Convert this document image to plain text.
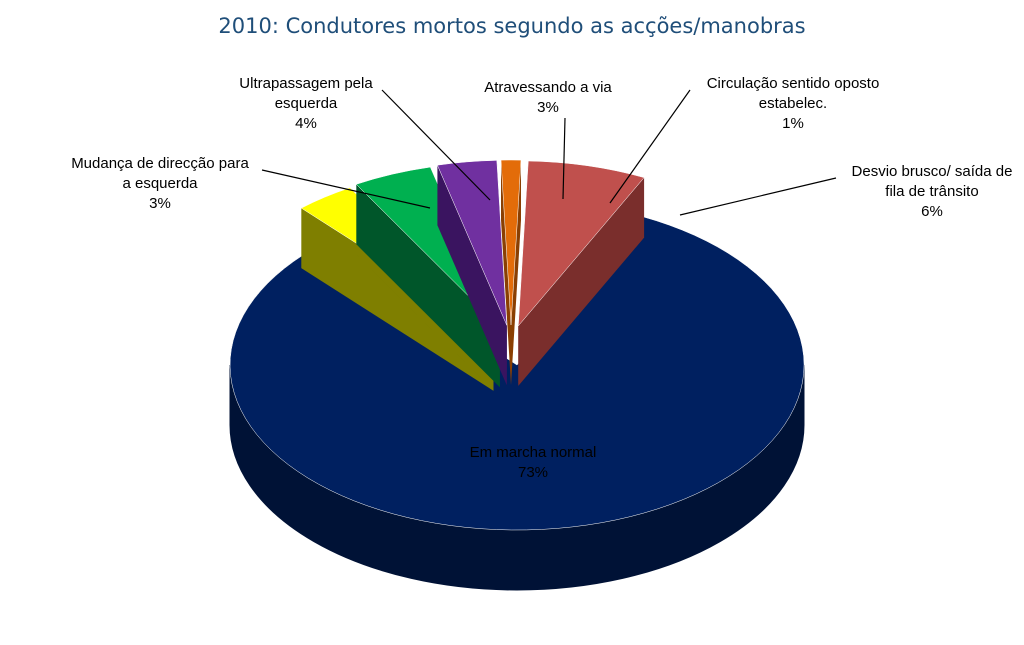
2010: Condutores mortos segundo as acções/manobras
Em marcha normal 73%
Mudança de direcção para a esquerda 3%
Ultrapassagem pela esquerda 4%
Atravessando a via 3%
Circulação sentido oposto estabelec. 1%
Desvio brusco/ saída de fila de trânsito 6%
